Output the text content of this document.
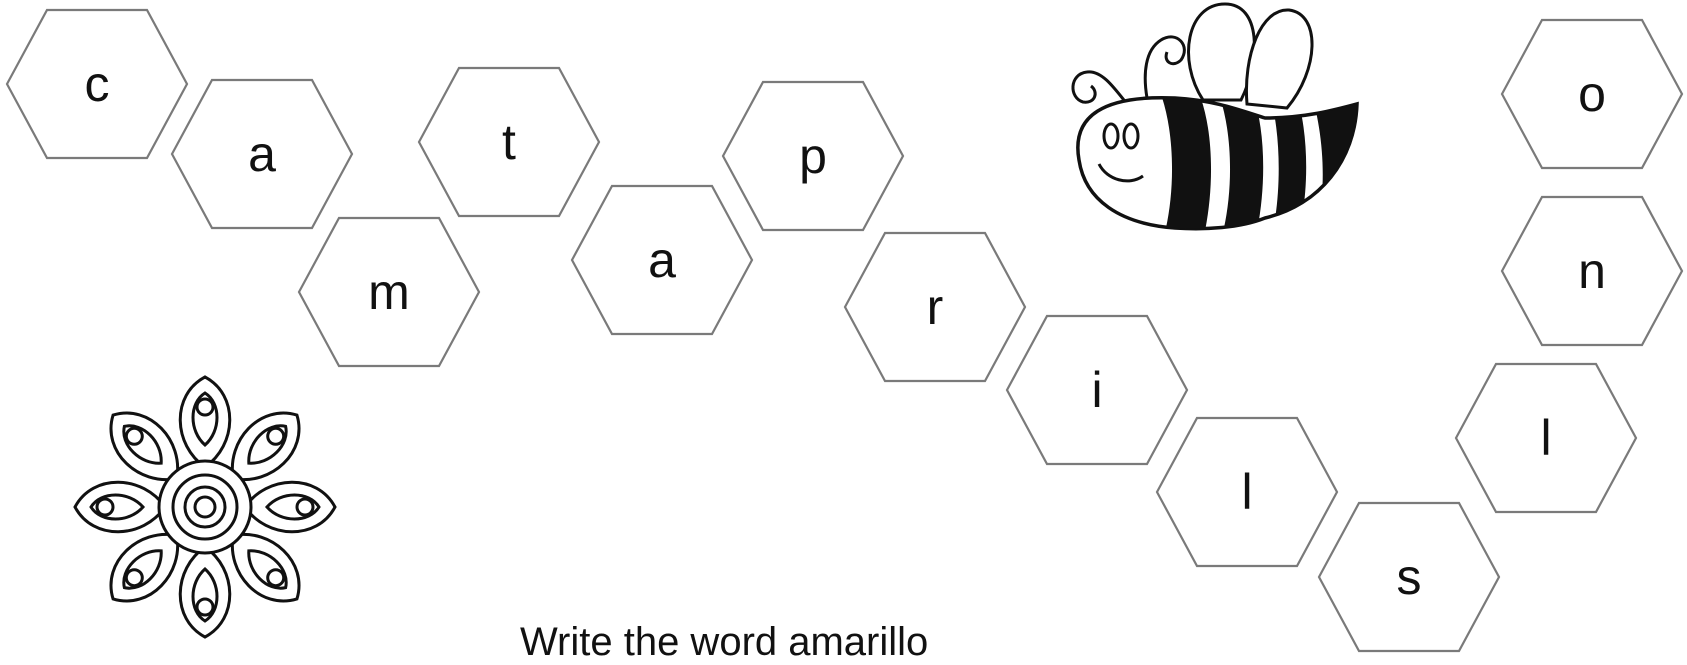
c
a
m
t
a
p
r
i
l
s
l
n
o
Write the word amarillo
